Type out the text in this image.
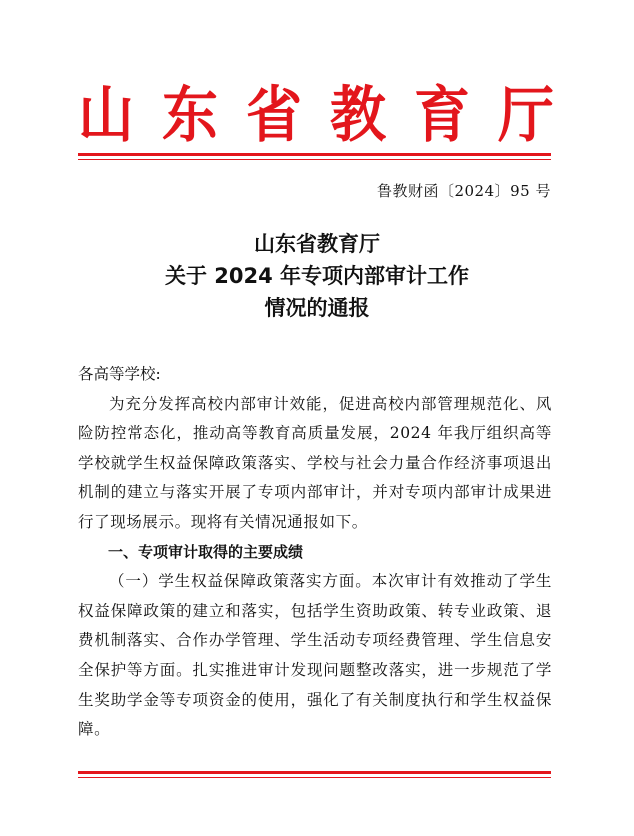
山 东 省 教 育 厅
鲁教财函〔2024〕95 号
山东省教育厅
关于 2024 年专项内部审计工作
情况的通报
各高等学校:
为充分发挥高校内部审计效能，促进高校内部管理规范化、风险防控常态化，推动高等教育高质量发展，2024 年我厅组织高等学校就学生权益保障政策落实、学校与社会力量合作经济事项退出机制的建立与落实开展了专项内部审计，并对专项内部审计成果进行了现场展示。现将有关情况通报如下。
一、专项审计取得的主要成绩
（一）学生权益保障政策落实方面。本次审计有效推动了学生权益保障政策的建立和落实，包括学生资助政策、转专业政策、退费机制落实、合作办学管理、学生活动专项经费管理、学生信息安全保护等方面。扎实推进审计发现问题整改落实，进一步规范了学生奖助学金等专项资金的使用，强化了有关制度执行和学生权益保障。
